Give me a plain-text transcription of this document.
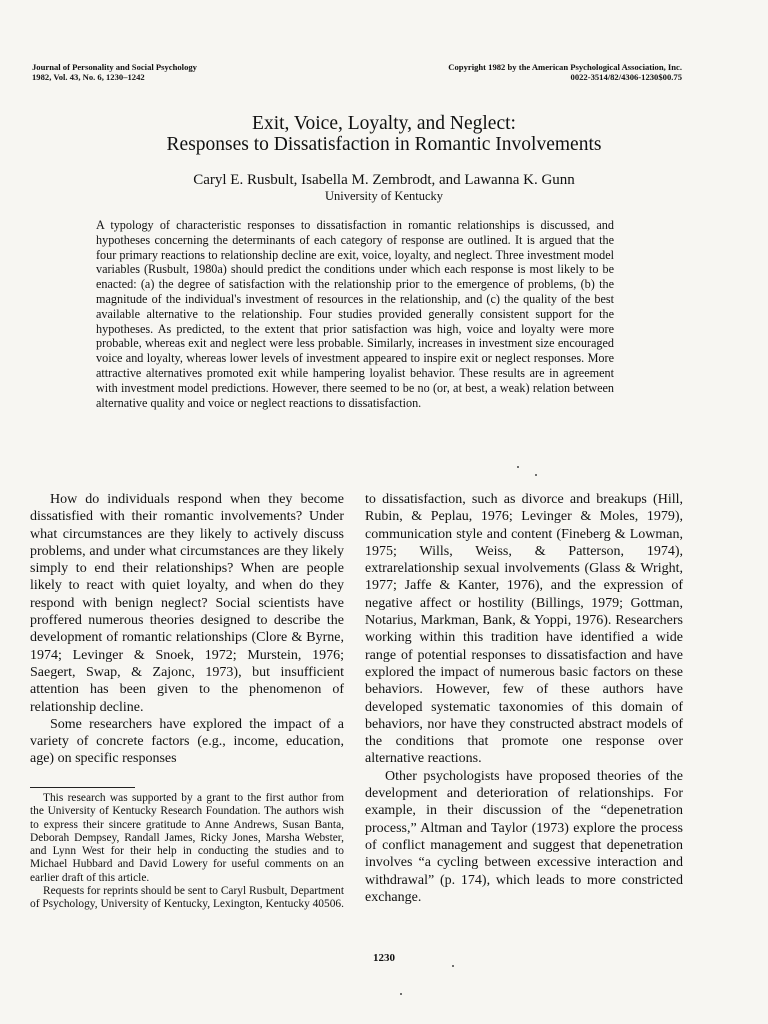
Journal of Personality and Social Psychology
1982, Vol. 43, No. 6, 1230–1242
Copyright 1982 by the American Psychological Association, Inc.
0022-3514/82/4306-1230$00.75
Exit, Voice, Loyalty, and Neglect:
Responses to Dissatisfaction in Romantic Involvements
Caryl E. Rusbult, Isabella M. Zembrodt, and Lawanna K. Gunn
University of Kentucky

A typology of characteristic responses to dissatisfaction in romantic relationships is discussed, and hypotheses concerning the determinants of each category of response are outlined. It is argued that the four primary reactions to relationship decline are exit, voice, loyalty, and neglect. Three investment model variables (Rusbult, 1980a) should predict the conditions under which each response is most likely to be enacted: (a) the degree of satisfaction with the relationship prior to the emergence of problems, (b) the magnitude of the individual's investment of resources in the relationship, and (c) the quality of the best available alternative to the relationship. Four studies provided generally consistent support for the hypotheses. As predicted, to the extent that prior satisfaction was high, voice and loyalty were more probable, whereas exit and neglect were less probable. Similarly, increases in investment size encouraged voice and loyalty, whereas lower levels of investment appeared to inspire exit or neglect responses. More attractive alternatives promoted exit while hampering loyalist behavior. These results are in agreement with investment model predictions. However, there seemed to be no (or, at best, a weak) relation between alternative quality and voice or neglect reactions to dissatisfaction.

How do individuals respond when they become dissatisfied with their romantic involvements? Under what circumstances are they likely to actively discuss problems, and under what circumstances are they likely simply to end their relationships? When are people likely to react with quiet loyalty, and when do they respond with benign neglect? Social scientists have proffered numerous theories designed to describe the development of romantic relationships (Clore & Byrne, 1974; Levinger & Snoek, 1972; Murstein, 1976; Saegert, Swap, & Zajonc, 1973), but insufficient attention has been given to the phenomenon of relationship decline.

Some researchers have explored the impact of a variety of concrete factors (e.g., income, education, age) on specific responses

This research was supported by a grant to the first author from the University of Kentucky Research Foundation. The authors wish to express their sincere gratitude to Anne Andrews, Susan Banta, Deborah Dempsey, Randall James, Ricky Jones, Marsha Webster, and Lynn West for their help in conducting the studies and to Michael Hubbard and David Lowery for useful comments on an earlier draft of this article.

Requests for reprints should be sent to Caryl Rusbult, Department of Psychology, University of Kentucky, Lexington, Kentucky 40506.

to dissatisfaction, such as divorce and breakups (Hill, Rubin, & Peplau, 1976; Levinger & Moles, 1979), communication style and content (Fineberg & Lowman, 1975; Wills, Weiss, & Patterson, 1974), extrarelationship sexual involvements (Glass & Wright, 1977; Jaffe & Kanter, 1976), and the expression of negative affect or hostility (Billings, 1979; Gottman, Notarius, Markman, Bank, & Yoppi, 1976). Researchers working within this tradition have identified a wide range of potential responses to dissatisfaction and have explored the impact of numerous basic factors on these behaviors. However, few of these authors have developed systematic taxonomies of this domain of behaviors, nor have they constructed abstract models of the conditions that promote one response over alternative reactions.

Other psychologists have proposed theories of the development and deterioration of relationships. For example, in their discussion of the “depenetration process,” Altman and Taylor (1973) explore the process of conflict management and suggest that depenetration involves “a cycling between excessive interaction and withdrawal” (p. 174), which leads to more constricted exchange.

1230
